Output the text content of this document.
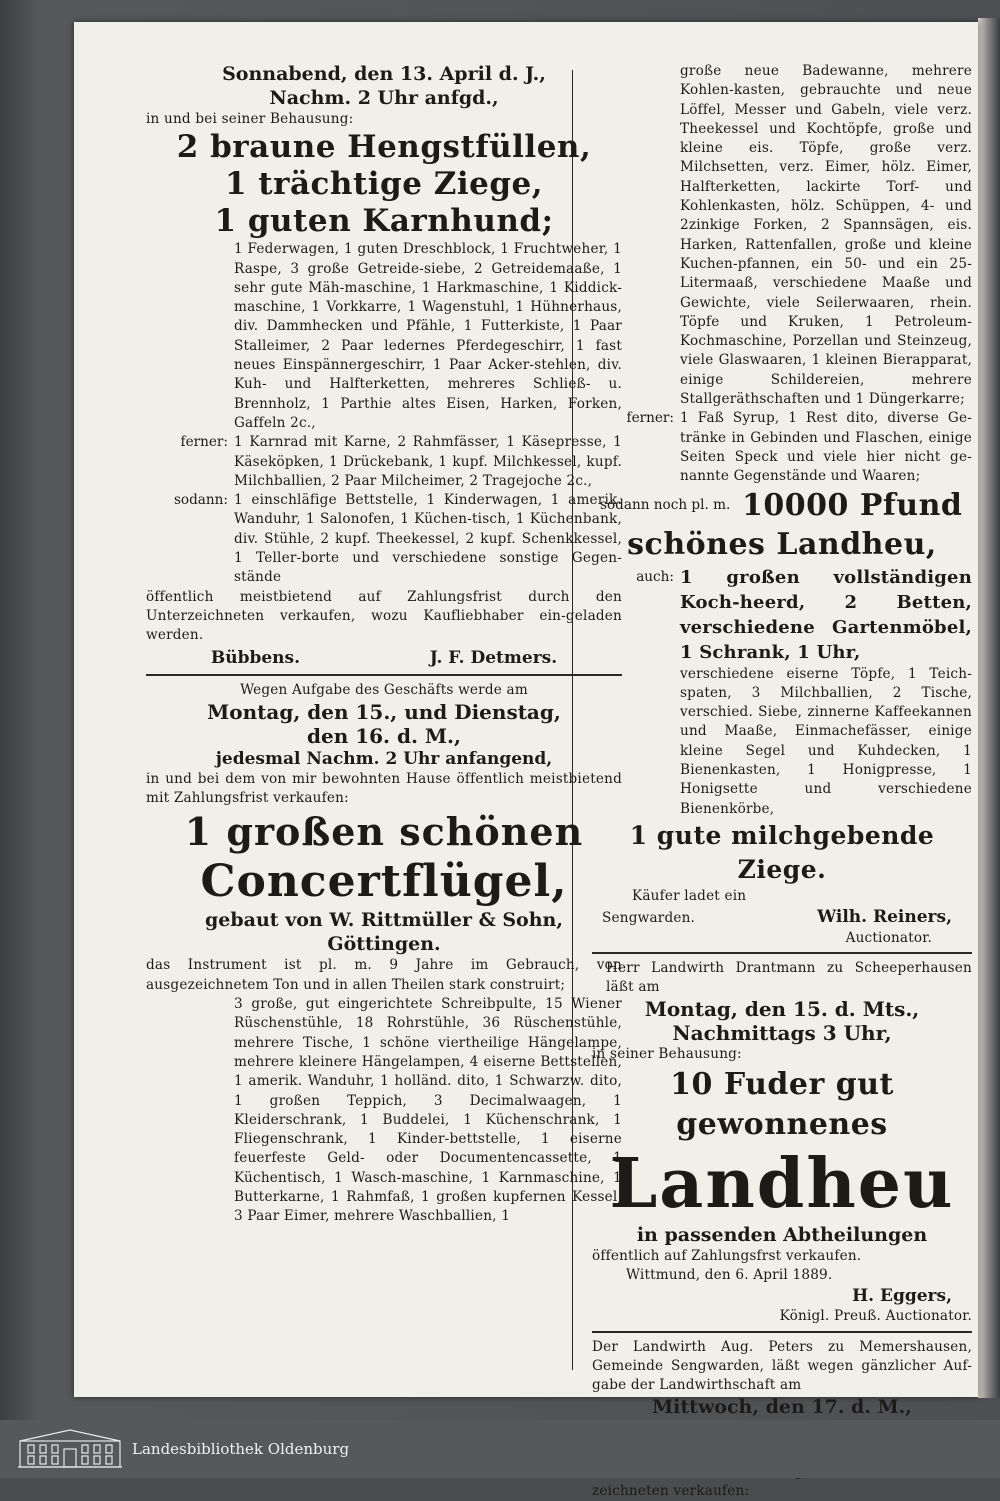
Sonnabend, den 13. April d. J.,
Nachm. 2 Uhr anfgd.,

in und bei seiner Behausung:

2 braune Hengstfüllen,
1 trächtige Ziege,
1 guten Karnhund;

1 Federwagen, 1 guten Dreschblock, 1 Fruchtweher, 1 Raspe, 3 große Getreide-siebe, 2 Getreidemaaße, 1 sehr gute Mäh-maschine, 1 Harkmaschine, 1 Kiddick-maschine, 1 Vorkkarre, 1 Wagenstuhl, 1 Hühnerhaus, div. Dammhecken und Pfähle, 1 Futterkiste, 1 Paar Stalleimer, 2 Paar ledernes Pferdegeschirr, 1 fast neues Einspännergeschirr, 1 Paar Acker-stehlen, div. Kuh- und Halfterketten, mehreres Schließ- u. Brennholz, 1 Parthie altes Eisen, Harken, Forken, Gaffeln 2c.,

ferner: 1 Karnrad mit Karne, 2 Rahmfässer, 1 Käsepresse, 1 Käseköpken, 1 Drückebank, 1 kupf. Milchkessel, kupf. Milchballien, 2 Paar Milcheimer, 2 Tragejoche 2c.,

sodann: 1 einschläfige Bettstelle, 1 Kinderwagen, 1 amerik. Wanduhr, 1 Salonofen, 1 Küchen-tisch, 1 Küchenbank, div. Stühle, 2 kupf. Theekessel, 2 kupf. Schenkkessel, 1 Teller-borte und verschiedene sonstige Gegen-stände

öffentlich meistbietend auf Zahlungsfrist durch den Unterzeichneten verkaufen, wozu Kaufliebhaber ein-geladen werden.

Bübbens.	J. F. Detmers.

Wegen Aufgabe des Geschäfts werde am

Montag, den 15., und Dienstag,
den 16. d. M.,
jedesmal Nachm. 2 Uhr anfangend,

in und bei dem von mir bewohnten Hause öffentlich meistbietend mit Zahlungsfrist verkaufen:

1 großen schönen
Concertflügel,
gebaut von W. Rittmüller & Sohn,
Göttingen.

das Instrument ist pl. m. 9 Jahre im Gebrauch, von ausgezeichnetem Ton und in allen Theilen stark construirt;

3 große, gut eingerichtete Schreibpulte, 15 Wiener Rüschenstühle, 18 Rohrstühle, 36 Rüschenstühle, mehrere Tische, 1 schöne viertheilige Hängelampe, mehrere kleinere Hängelampen, 4 eiserne Bettstellen, 1 amerik. Wanduhr, 1 holländ. dito, 1 Schwarzw. dito, 1 großen Teppich, 3 Decimalwaagen, 1 Kleiderschrank, 1 Buddelei, 1 Küchenschrank, 1 Fliegenschrank, 1 Kinder-bettstelle, 1 eiserne feuerfeste Geld- oder Documentencassette, 1 Küchentisch, 1 Wasch-maschine, 1 Karnmaschine, 1 Butterkarne, 1 Rahmfaß, 1 großen kupfernen Kessel, 3 Paar Eimer, mehrere Waschballien, 1

große neue Badewanne, mehrere Kohlen-kasten, gebrauchte und neue Löffel, Messer und Gabeln, viele verz. Theekessel und Kochtöpfe, große und kleine eis. Töpfe, große verz. Milchsetten, verz. Eimer, hölz. Eimer, Halfterketten, lackirte Torf- und Kohlenkasten, hölz. Schüppen, 4- und 2zinkige Forken, 2 Spannsägen, eis. Harken, Rattenfallen, große und kleine Kuchen-pfannen, ein 50- und ein 25-Litermaaß, verschiedene Maaße und Gewichte, viele Seilerwaaren, rhein. Töpfe und Kruken, 1 Petroleum-Kochmaschine, Porzellan und Steinzeug, viele Glaswaaren, 1 kleinen Bierapparat, einige Schildereien, mehrere Stallgeräthschaften und 1 Düngerkarre;

ferner: 1 Faß Syrup, 1 Rest dito, diverse Ge-tränke in Gebinden und Flaschen, einige Seiten Speck und viele hier nicht ge-nannte Gegenstände und Waaren;

sodann noch pl. m. 10000 Pfund
schönes Landheu,
auch: 1 großen vollständigen Koch-heerd, 2 Betten, verschiedene Gartenmöbel, 1 Schrank, 1 Uhr,

verschiedene eiserne Töpfe, 1 Teich-spaten, 3 Milchballien, 2 Tische, verschied. Siebe, zinnerne Kaffeekannen und Maaße, Einmachefässer, einige kleine Segel und Kuhdecken, 1 Bienenkasten, 1 Honigpresse, 1 Honigsette und verschiedene Bienenkörbe,

1 gute milchgebende Ziege.

Käufer ladet ein

Sengwarden.	Wilh. Reiners,

Auctionator.

Herr Landwirth Drantmann zu Scheeperhausen läßt am

Montag, den 15. d. Mts.,
Nachmittags 3 Uhr,

in seiner Behausung:

10 Fuder gut gewonnenes
Landheu
in passenden Abtheilungen

öffentlich auf Zahlungsfrst verkaufen.

Wittmund, den 6. April 1889.

H. Eggers,

Königl. Preuß. Auctionator.

Der Landwirth Aug. Peters zu Memershausen, Gemeinde Sengwarden, läßt wegen gänzlicher Auf-gabe der Landwirthschaft am

Mittwoch, den 17. d. M.,

zeichneten verkaufen:

Landesbibliothek Oldenburg
